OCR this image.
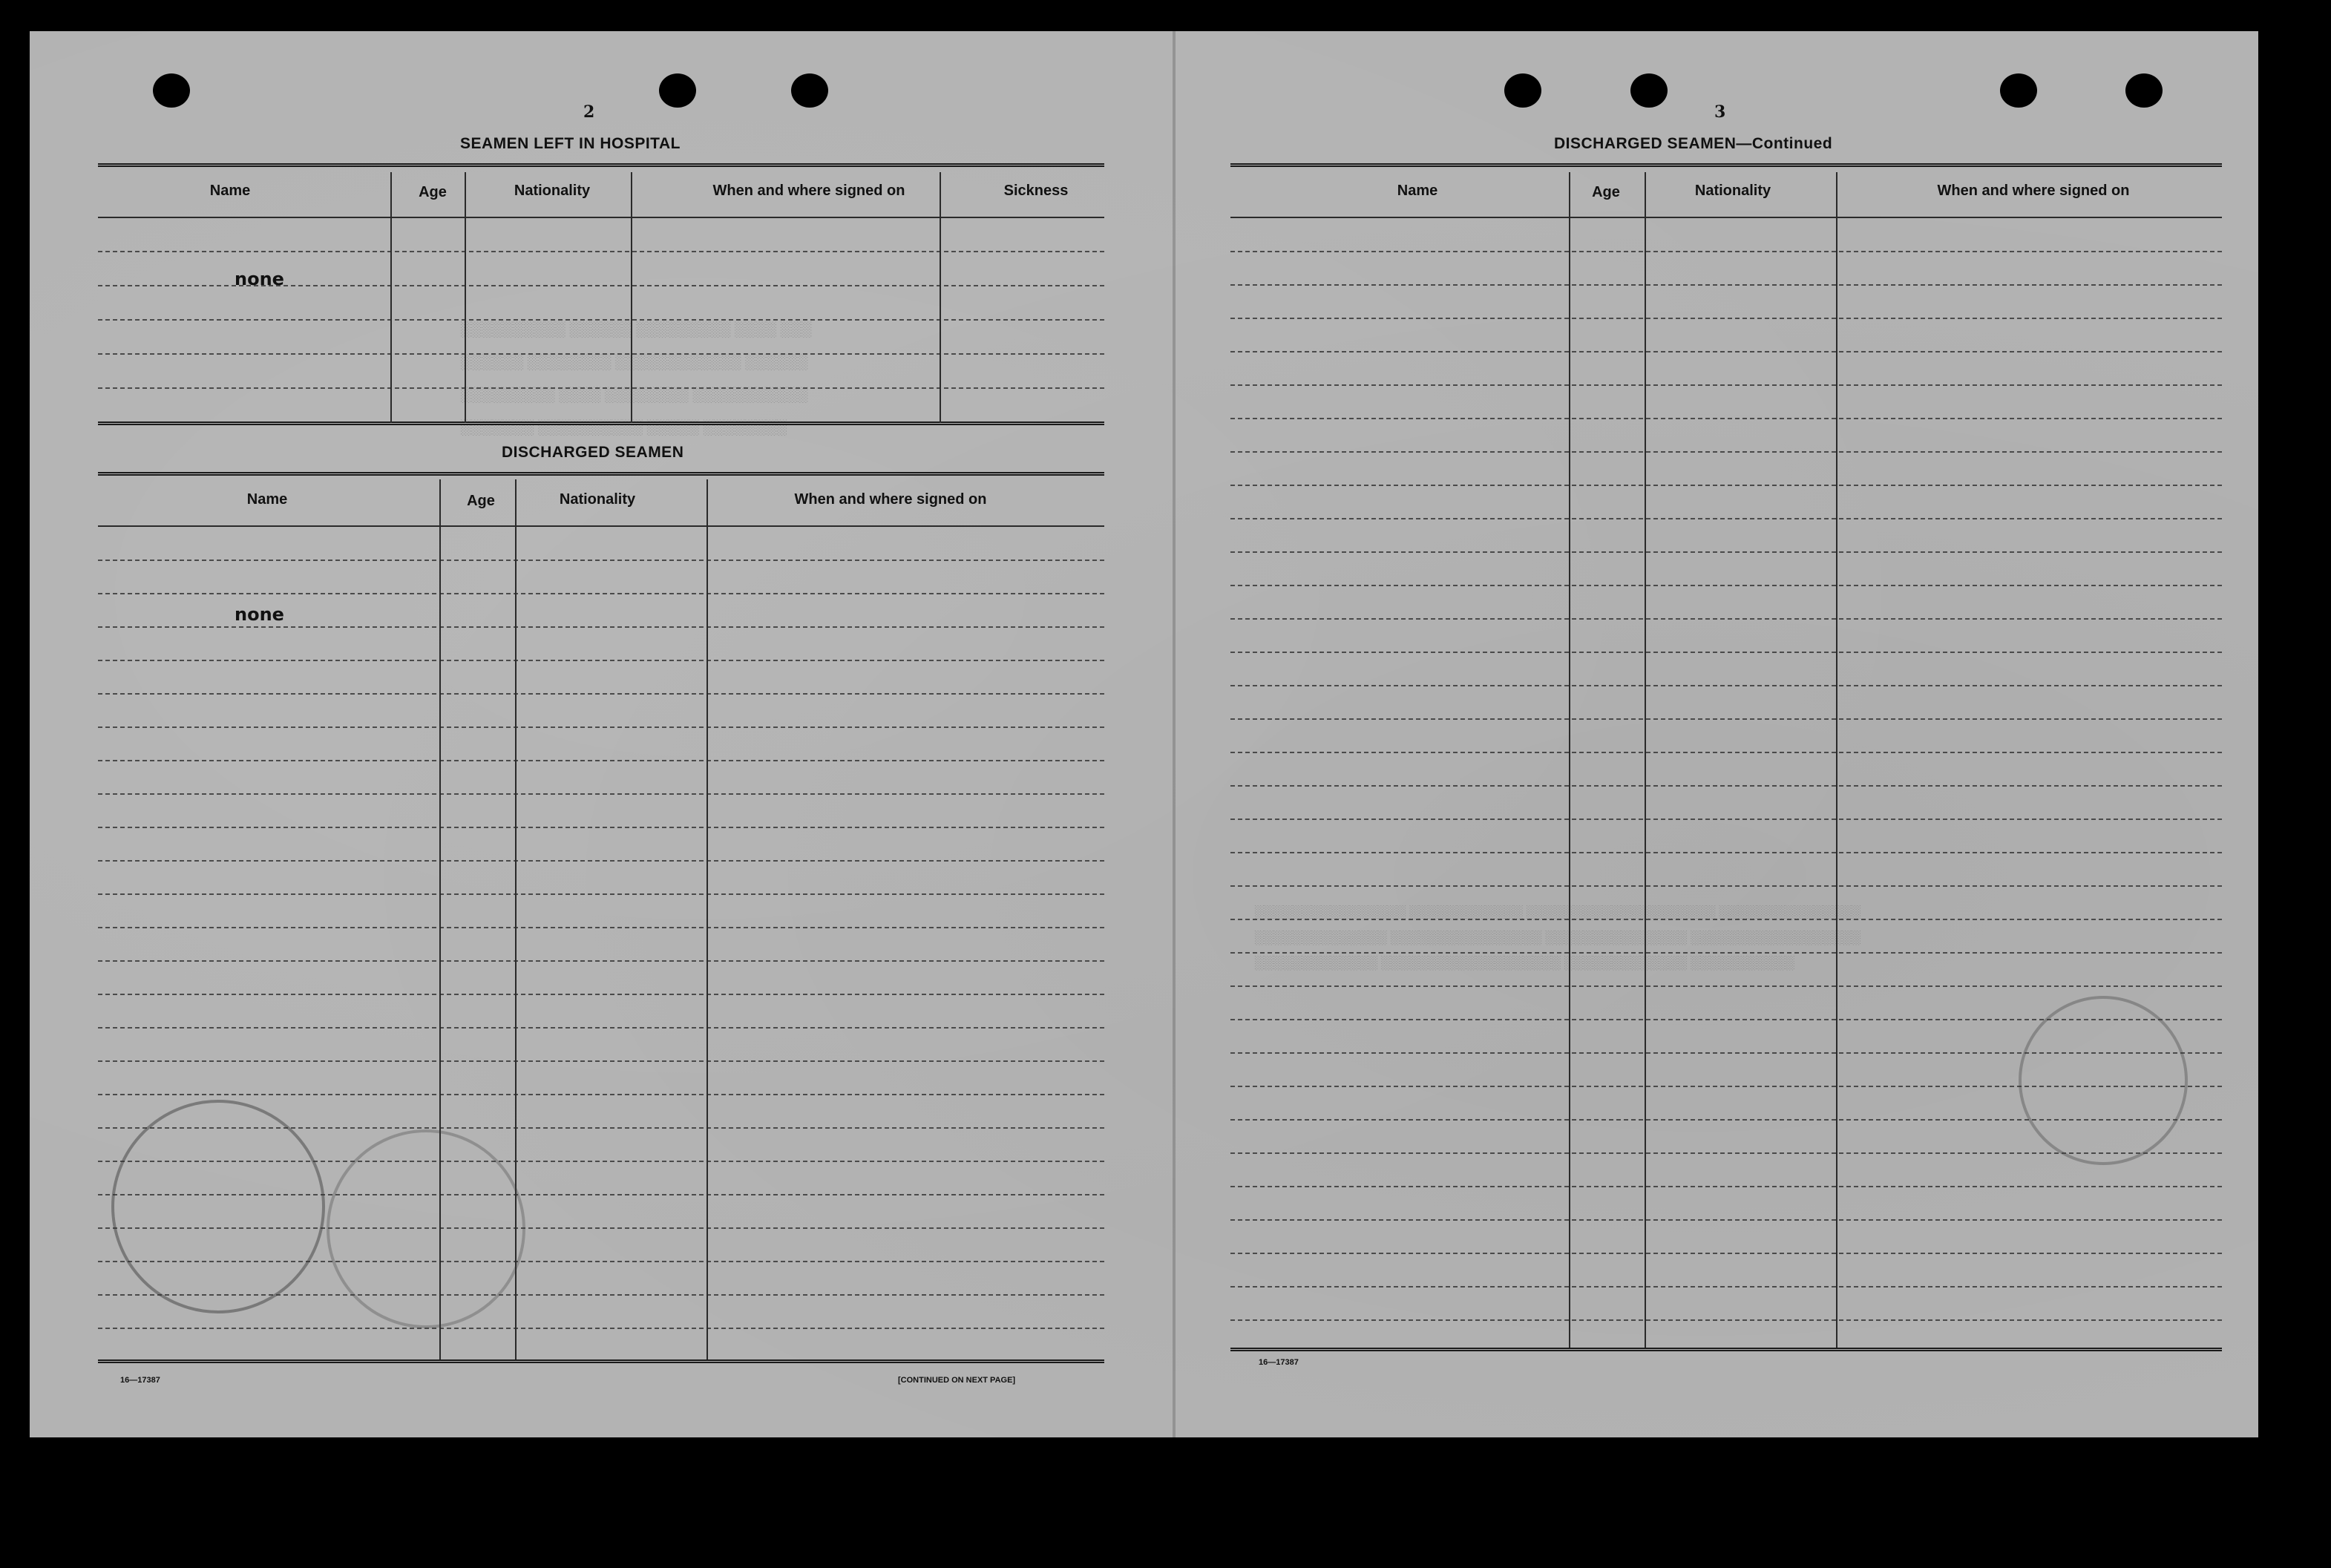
░░░░░░░░░░ ░░░░░░ ░░░░░░░░░ ░░░░ ░░░
░░░░░░ ░░░░░░░░ ░░░░░░░░░░░░ ░░░░░░
░░░░░░░░░ ░░░░ ░░░░░░░░ ░░░░░░░░░░░
░░░░░░░ ░░░░░░░░░░ ░░░░░ ░░░░░░░░
░░░░░░░░░░░░░░░░ ░░░░░░░░░░░░ ░░░░░░░░░░░░░░░░░░░░ ░░░░░░░░░░░░░░░
░░░░░░░░░░░░░░ ░░░░░░░░░░░░░░░░ ░░░░░░░░░░░░░░░ ░░░░░░░░░░░░░░░░░░
░░░░░░░░░░░░░ ░░░░░░░░░░░░░░░░░░░ ░░░░░░░░░░░░░ ░░░░░░░░░░░
2
SEAMEN LEFT IN HOSPITAL
Name	Age	Nationality	When and where signed on	Sickness
none
DISCHARGED SEAMEN
Name	Age	Nationality	When and where signed on
none
16—17387	[CONTINUED ON NEXT PAGE]
3
DISCHARGED SEAMEN—Continued
Name	Age	Nationality	When and where signed on
16—17387
